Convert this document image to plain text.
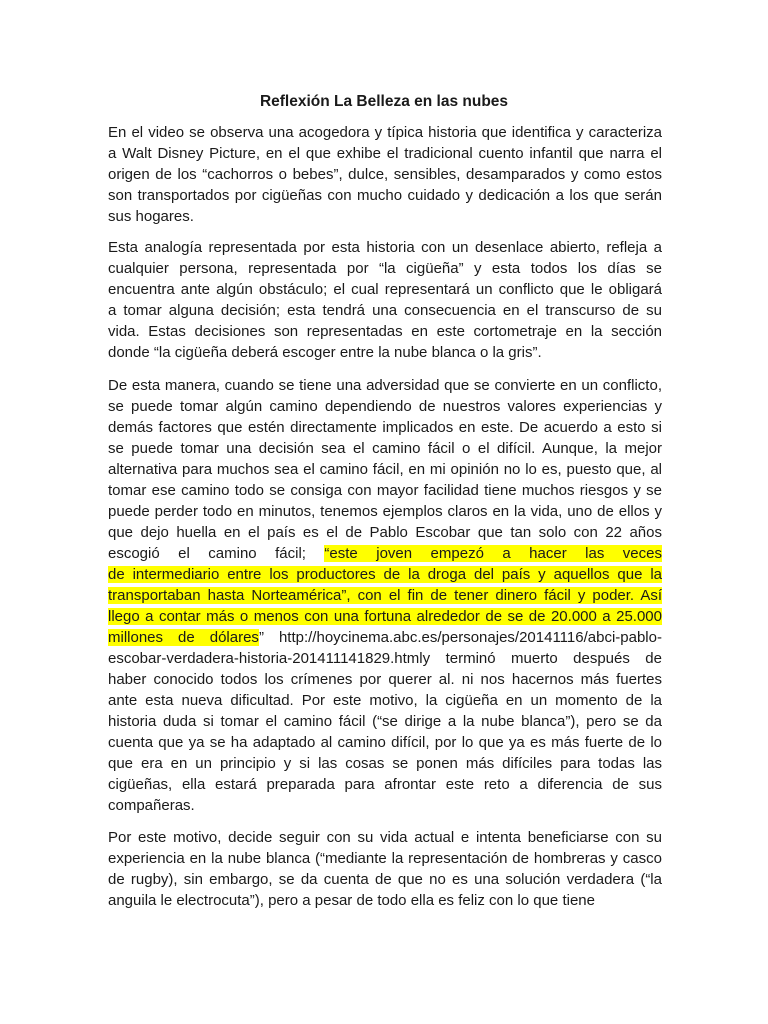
Reflexión La Belleza en las nubes
En el video se observa una acogedora y típica historia que identifica y caracteriza
a Walt Disney Picture, en el que exhibe el tradicional cuento infantil que narra el
origen de los “cachorros o bebes”, dulce, sensibles, desamparados y como estos
son transportados por cigüeñas con mucho cuidado y dedicación a los que serán
sus hogares.
Esta analogía representada por esta historia con un desenlace abierto, refleja a
cualquier persona, representada por “la cigüeña” y esta todos los días se
encuentra ante algún obstáculo; el cual representará un conflicto que le obligará
a tomar alguna decisión; esta tendrá una consecuencia en el transcurso de su
vida. Estas decisiones son representadas en este cortometraje en la sección
donde “la cigüeña deberá escoger entre la nube blanca o la gris”.
De esta manera, cuando se tiene una adversidad que se convierte en un conflicto,
se puede tomar algún camino dependiendo de nuestros valores experiencias y
demás factores que estén directamente implicados en este. De acuerdo a esto si
se puede tomar una decisión sea el camino fácil o el difícil. Aunque, la mejor
alternativa para muchos sea el camino fácil, en mi opinión no lo es, puesto que, al
tomar ese camino todo se consiga con mayor facilidad tiene muchos riesgos y se
puede perder todo en minutos, tenemos ejemplos claros en la vida, uno de ellos y
que dejo huella en el país es el de Pablo Escobar que tan solo con 22 años
escogió el camino fácil; “este joven empezó a hacer las veces
de intermediario entre los productores de la droga del país y aquellos que la
transportaban hasta Norteamérica”, con el fin de tener dinero fácil y poder. Así
llego a contar más o menos con una fortuna alrededor de se de 20.000 a 25.000
millones de dólares” http://hoycinema.abc.es/personajes/20141116/abci-pablo-
escobar-verdadera-historia-201411141829.htmly terminó muerto después de
haber conocido todos los crímenes por querer al. ni nos hacernos más fuertes
ante esta nueva dificultad. Por este motivo, la cigüeña en un momento de la
historia duda si tomar el camino fácil (“se dirige a la nube blanca”), pero se da
cuenta que ya se ha adaptado al camino difícil, por lo que ya es más fuerte de lo
que era en un principio y si las cosas se ponen más difíciles para todas las
cigüeñas, ella estará preparada para afrontar este reto a diferencia de sus
compañeras.
Por este motivo, decide seguir con su vida actual e intenta beneficiarse con su
experiencia en la nube blanca (“mediante la representación de hombreras y casco
de rugby), sin embargo, se da cuenta de que no es una solución verdadera (“la
anguila le electrocuta”), pero a pesar de todo ella es feliz con lo que tiene
